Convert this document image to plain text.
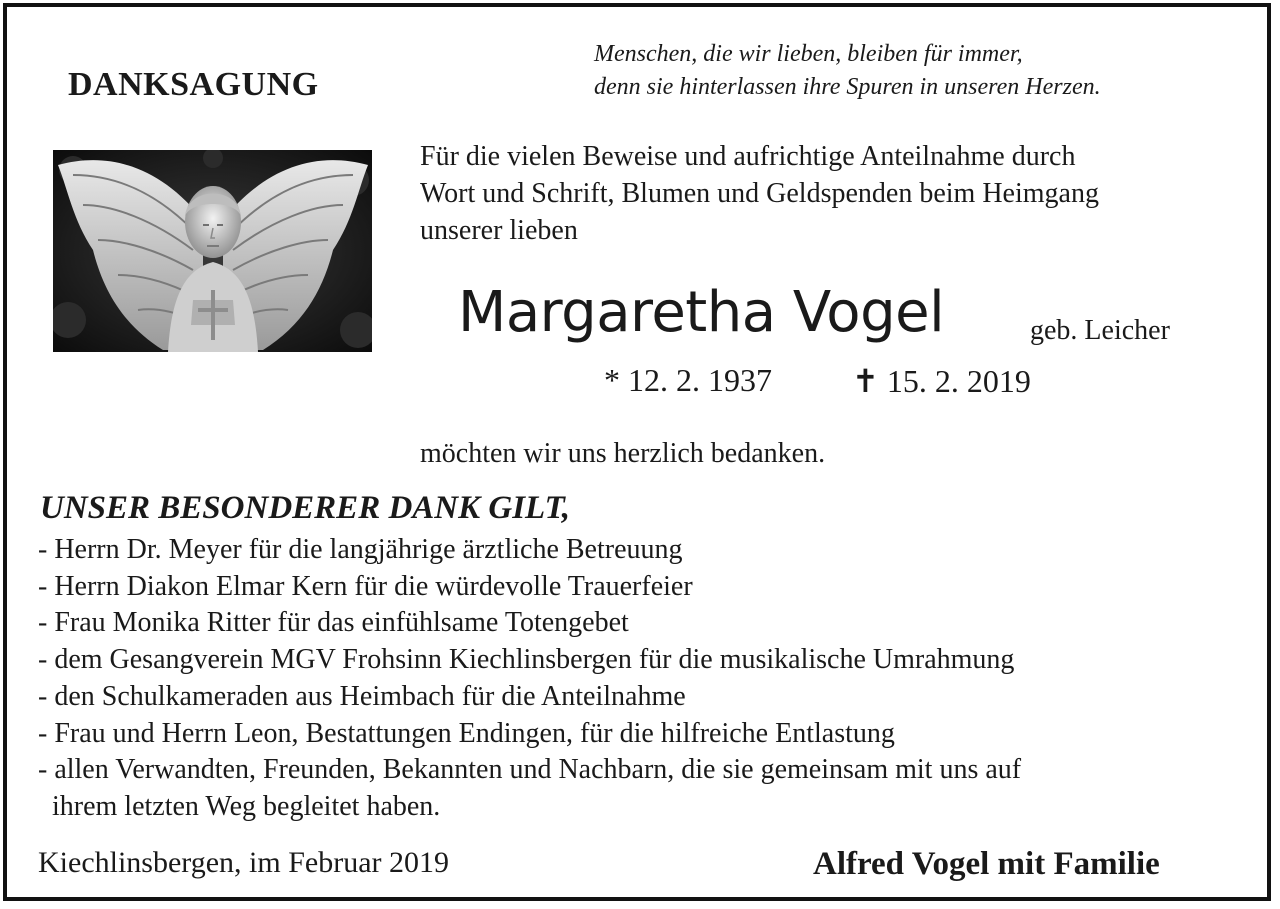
DANKSAGUNG
Menschen, die wir lieben, bleiben für immer,
denn sie hinterlassen ihre Spuren in unseren Herzen.
Für die vielen Beweise und aufrichtige Anteilnahme durch
Wort und Schrift, Blumen und Geldspenden beim Heimgang
unserer lieben
Margaretha Vogel	geb. Leicher
* 12. 2. 1937	✝ 15. 2. 2019
möchten wir uns herzlich bedanken.
UNSER BESONDERER DANK GILT,
- Herrn Dr. Meyer für die langjährige ärztliche Betreuung
- Herrn Diakon Elmar Kern für die würdevolle Trauerfeier
- Frau Monika Ritter für das einfühlsame Totengebet
- dem Gesangverein MGV Frohsinn Kiechlinsbergen für die musikalische Umrahmung
- den Schulkameraden aus Heimbach für die Anteilnahme
- Frau und Herrn Leon, Bestattungen Endingen, für die hilfreiche Entlastung
- allen Verwandten, Freunden, Bekannten und Nachbarn, die sie gemeinsam mit uns auf
ihrem letzten Weg begleitet haben.
Kiechlinsbergen, im Februar 2019	Alfred Vogel mit Familie
